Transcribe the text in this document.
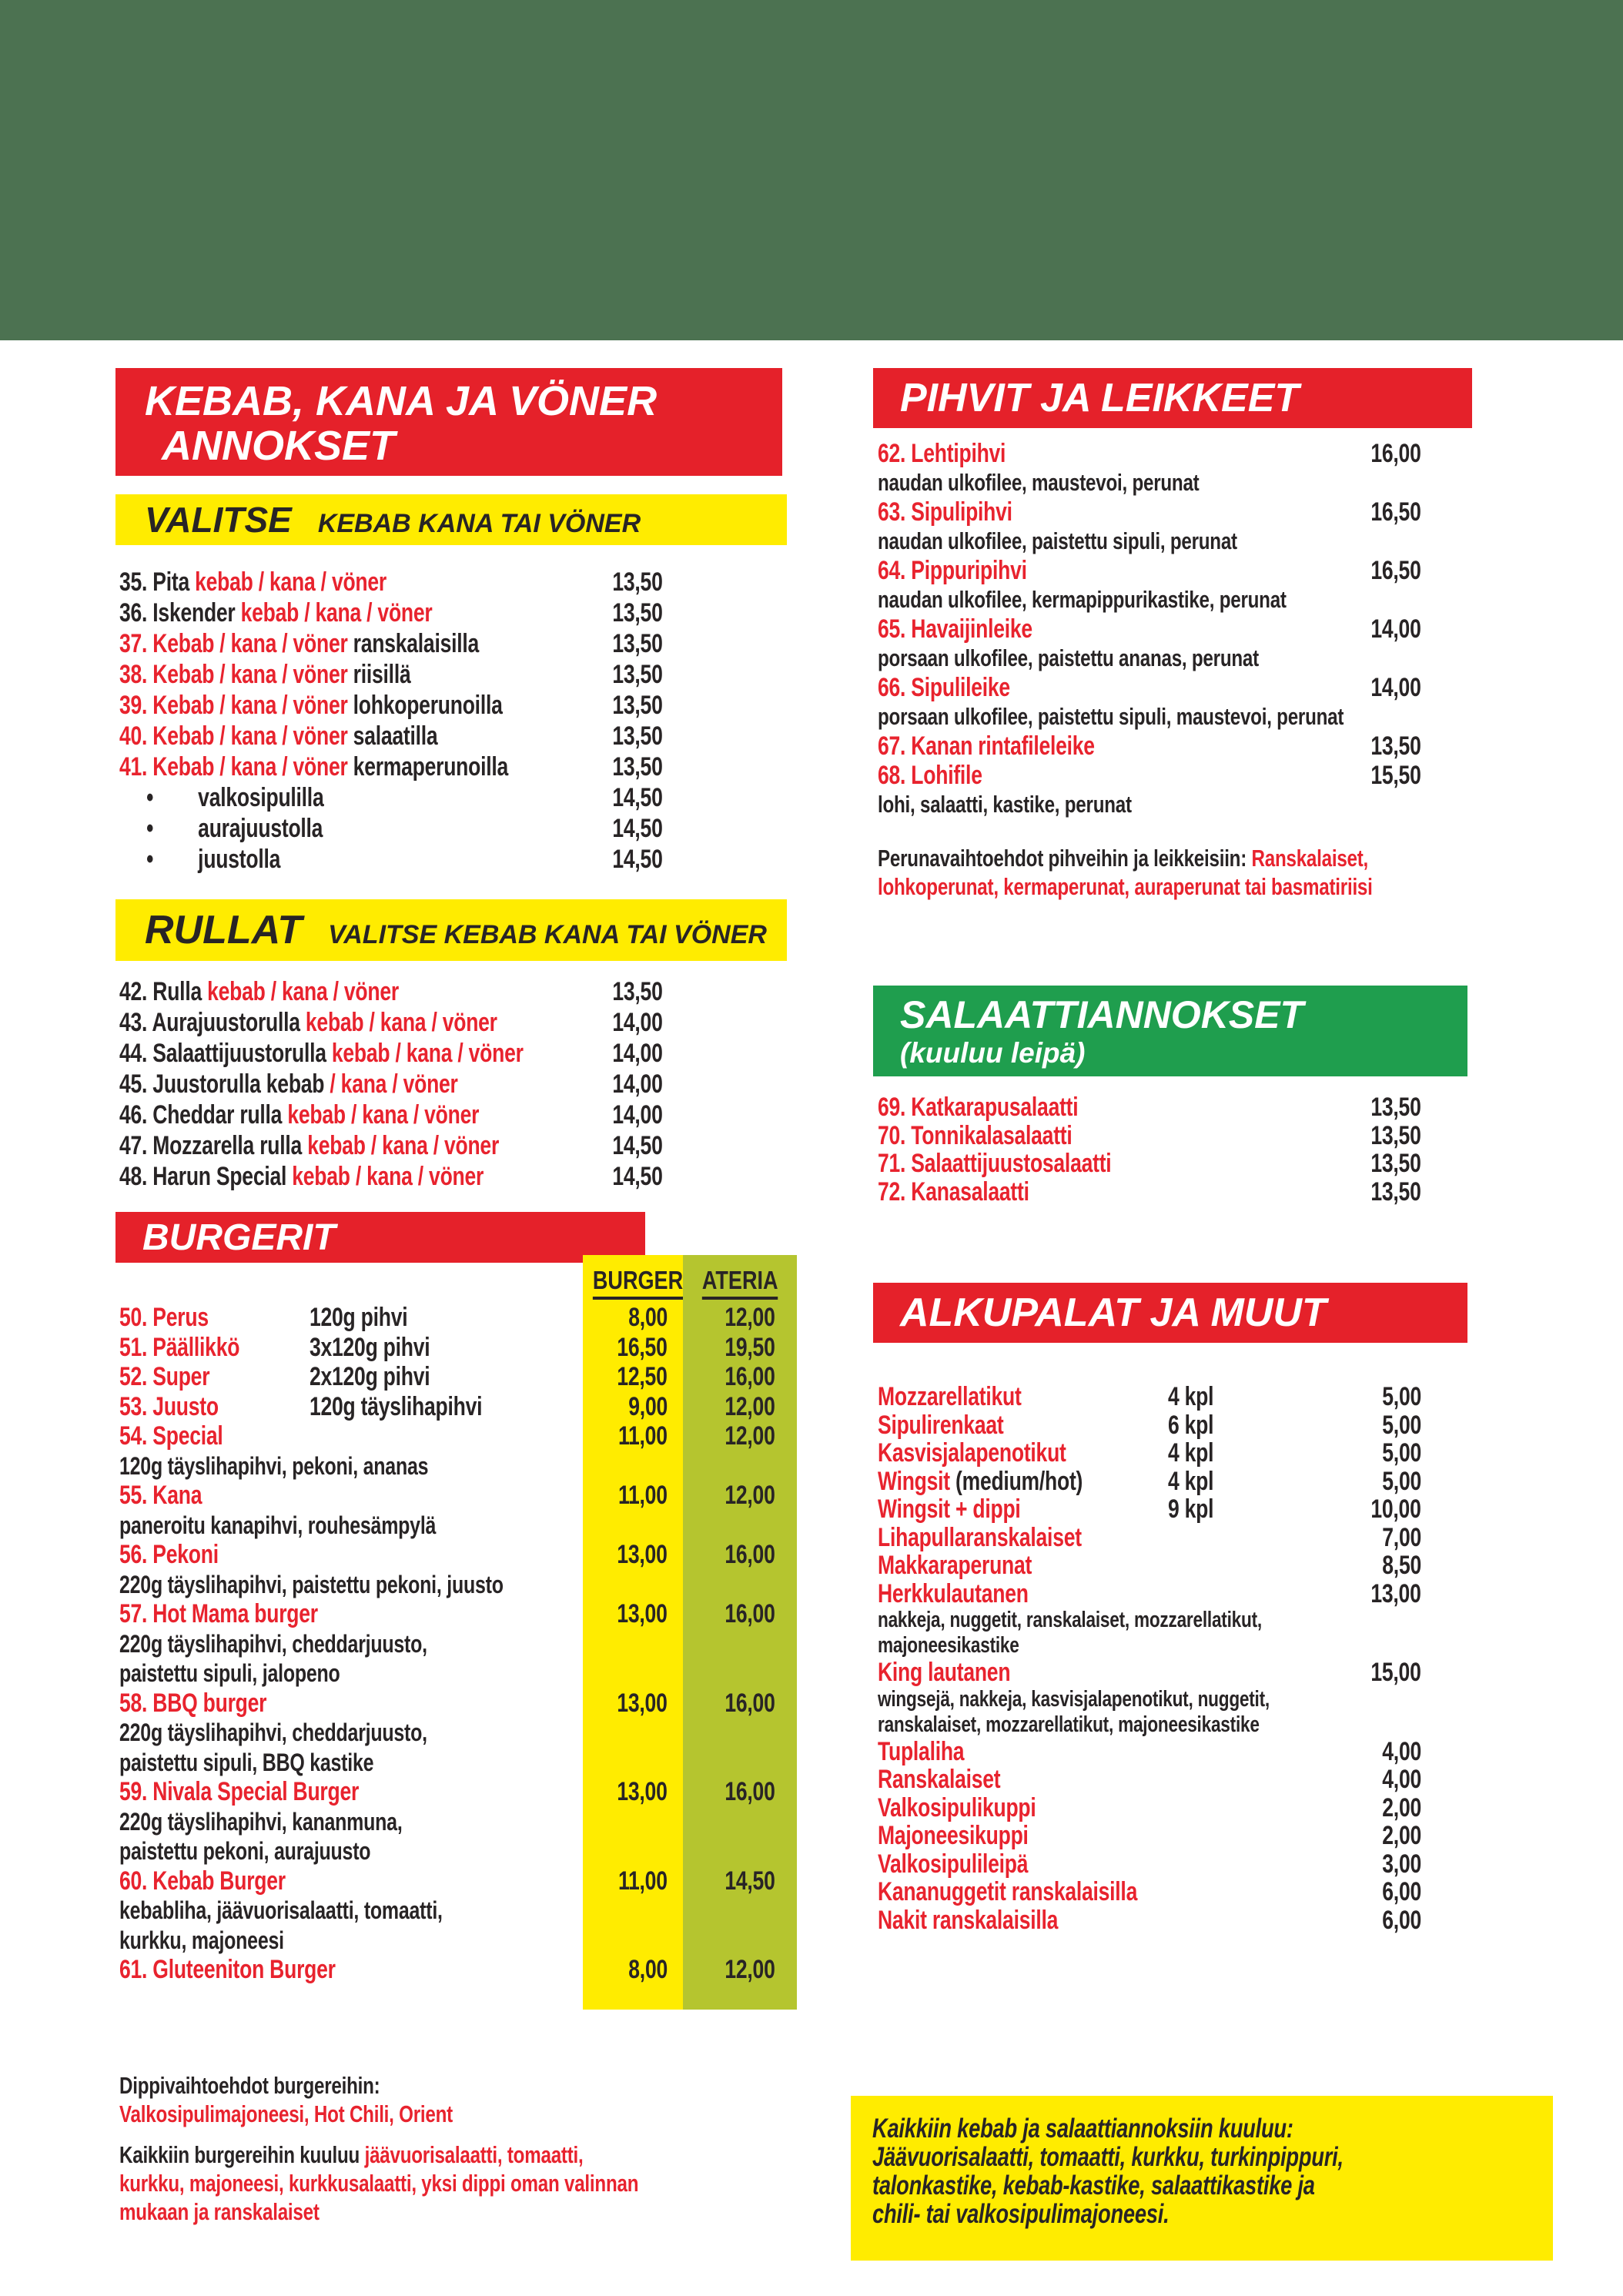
KEBAB, KANA JA VÖNER
ANNOKSET
VALITSE KEBAB KANA TAI VÖNER
35. Pita kebab / kana / vöner	13,50
36. Iskender kebab / kana / vöner	13,50
37. Kebab / kana / vöner ranskalaisilla	13,50
38. Kebab / kana / vöner riisillä	13,50
39. Kebab / kana / vöner lohkoperunoilla	13,50
40. Kebab / kana / vöner salaatilla	13,50
41. Kebab / kana / vöner kermaperunoilla	13,50
• valkosipulilla	14,50
• aurajuustolla	14,50
• juustolla	14,50
RULLAT VALITSE KEBAB KANA TAI VÖNER
42. Rulla kebab / kana / vöner	13,50
43. Aurajuustorulla kebab / kana / vöner	14,00
44. Salaattijuustorulla kebab / kana / vöner	14,00
45. Juustorulla kebab / kana / vöner	14,00
46. Cheddar rulla kebab / kana / vöner	14,00
47. Mozzarella rulla kebab / kana / vöner	14,50
48. Harun Special kebab / kana / vöner	14,50
BURGERIT
BURGER ATERIA
50. Perus	120g pihvi	8,00	12,00
51. Päällikkö	3x120g pihvi	16,50	19,50
52. Super	2x120g pihvi	12,50	16,00
53. Juusto	120g täyslihapihvi	9,00	12,00
54. Special	11,00	12,00
120g täyslihapihvi, pekoni, ananas
55. Kana	11,00	12,00
paneroitu kanapihvi, rouhesämpylä
56. Pekoni	13,00	16,00
220g täyslihapihvi, paistettu pekoni, juusto
57. Hot Mama burger	13,00	16,00
220g täyslihapihvi, cheddarjuusto,
paistettu sipuli, jalopeno
58. BBQ burger	13,00	16,00
220g täyslihapihvi, cheddarjuusto,
paistettu sipuli, BBQ kastike
59. Nivala Special Burger	13,00	16,00
220g täyslihapihvi, kananmuna,
paistettu pekoni, aurajuusto
60. Kebab Burger	11,00	14,50
kebabliha, jäävuorisalaatti, tomaatti,
kurkku, majoneesi
61. Gluteeniton Burger	8,00	12,00
Dippivaihtoehdot burgereihin:
Valkosipulimajoneesi, Hot Chili, Orient
Kaikkiin burgereihin kuuluu jäävuorisalaatti, tomaatti,
kurkku, majoneesi, kurkkusalaatti, yksi dippi oman valinnan
mukaan ja ranskalaiset
PIHVIT JA LEIKKEET
62. Lehtipihvi	16,00
naudan ulkofilee, maustevoi, perunat
63. Sipulipihvi	16,50
naudan ulkofilee, paistettu sipuli, perunat
64. Pippuripihvi	16,50
naudan ulkofilee, kermapippurikastike, perunat
65. Havaijinleike	14,00
porsaan ulkofilee, paistettu ananas, perunat
66. Sipulileike	14,00
porsaan ulkofilee, paistettu sipuli, maustevoi, perunat
67. Kanan rintafileleike	13,50
68. Lohifile	15,50
lohi, salaatti, kastike, perunat
Perunavaihtoehdot pihveihin ja leikkeisiin: Ranskalaiset,
lohkoperunat, kermaperunat, auraperunat tai basmatiriisi
SALAATTIANNOKSET
(kuuluu leipä)
69. Katkarapusalaatti	13,50
70. Tonnikalasalaatti	13,50
71. Salaattijuustosalaatti	13,50
72. Kanasalaatti	13,50
ALKUPALAT JA MUUT
Mozzarellatikut	4 kpl	5,00
Sipulirenkaat	6 kpl	5,00
Kasvisjalapenotikut	4 kpl	5,00
Wingsit (medium/hot)	4 kpl	5,00
Wingsit + dippi	9 kpl	10,00
Lihapullaranskalaiset	7,00
Makkaraperunat	8,50
Herkkulautanen	13,00
nakkeja, nuggetit, ranskalaiset, mozzarellatikut,
majoneesikastike
King lautanen	15,00
wingsejä, nakkeja, kasvisjalapenotikut, nuggetit,
ranskalaiset, mozzarellatikut, majoneesikastike
Tuplaliha	4,00
Ranskalaiset	4,00
Valkosipulikuppi	2,00
Majoneesikuppi	2,00
Valkosipulileipä	3,00
Kananuggetit ranskalaisilla	6,00
Nakit ranskalaisilla	6,00
Kaikkiin kebab ja salaattiannoksiin kuuluu:
Jäävuorisalaatti, tomaatti, kurkku, turkinpippuri,
talonkastike, kebab-kastike, salaattikastike ja
chili- tai valkosipulimajoneesi.
